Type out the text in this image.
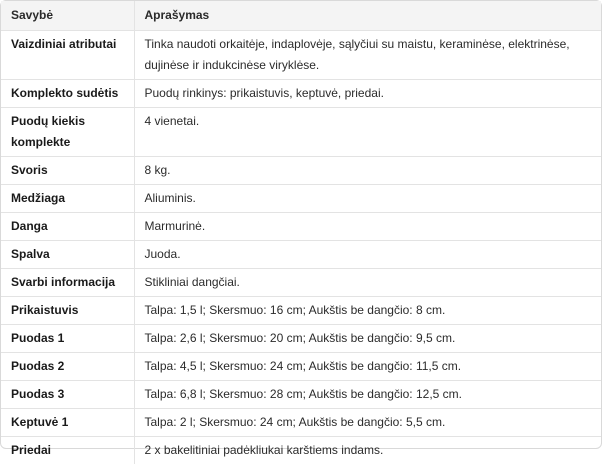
Savybė	Aprašymas
Vaizdiniai atributai	Tinka naudoti orkaitėje, indaplovėje, sąlyčiui su maistu, keraminėse, elektrinėse, dujinėse ir indukcinėse viryklėse.
Komplekto sudėtis	Puodų rinkinys: prikaistuvis, keptuvė, priedai.
Puodų kiekis komplekte	4 vienetai.
Svoris	8 kg.
Medžiaga	Aliuminis.
Danga	Marmurinė.
Spalva	Juoda.
Svarbi informacija	Stikliniai dangčiai.
Prikaistuvis	Talpa: 1,5 l; Skersmuo: 16 cm; Aukštis be dangčio: 8 cm.
Puodas 1	Talpa: 2,6 l; Skersmuo: 20 cm; Aukštis be dangčio: 9,5 cm.
Puodas 2	Talpa: 4,5 l; Skersmuo: 24 cm; Aukštis be dangčio: 11,5 cm.
Puodas 3	Talpa: 6,8 l; Skersmuo: 28 cm; Aukštis be dangčio: 12,5 cm.
Keptuvė 1	Talpa: 2 l; Skersmuo: 24 cm; Aukštis be dangčio: 5,5 cm.
Priedai	2 x bakelitiniai padėkliukai karštiems indams.
